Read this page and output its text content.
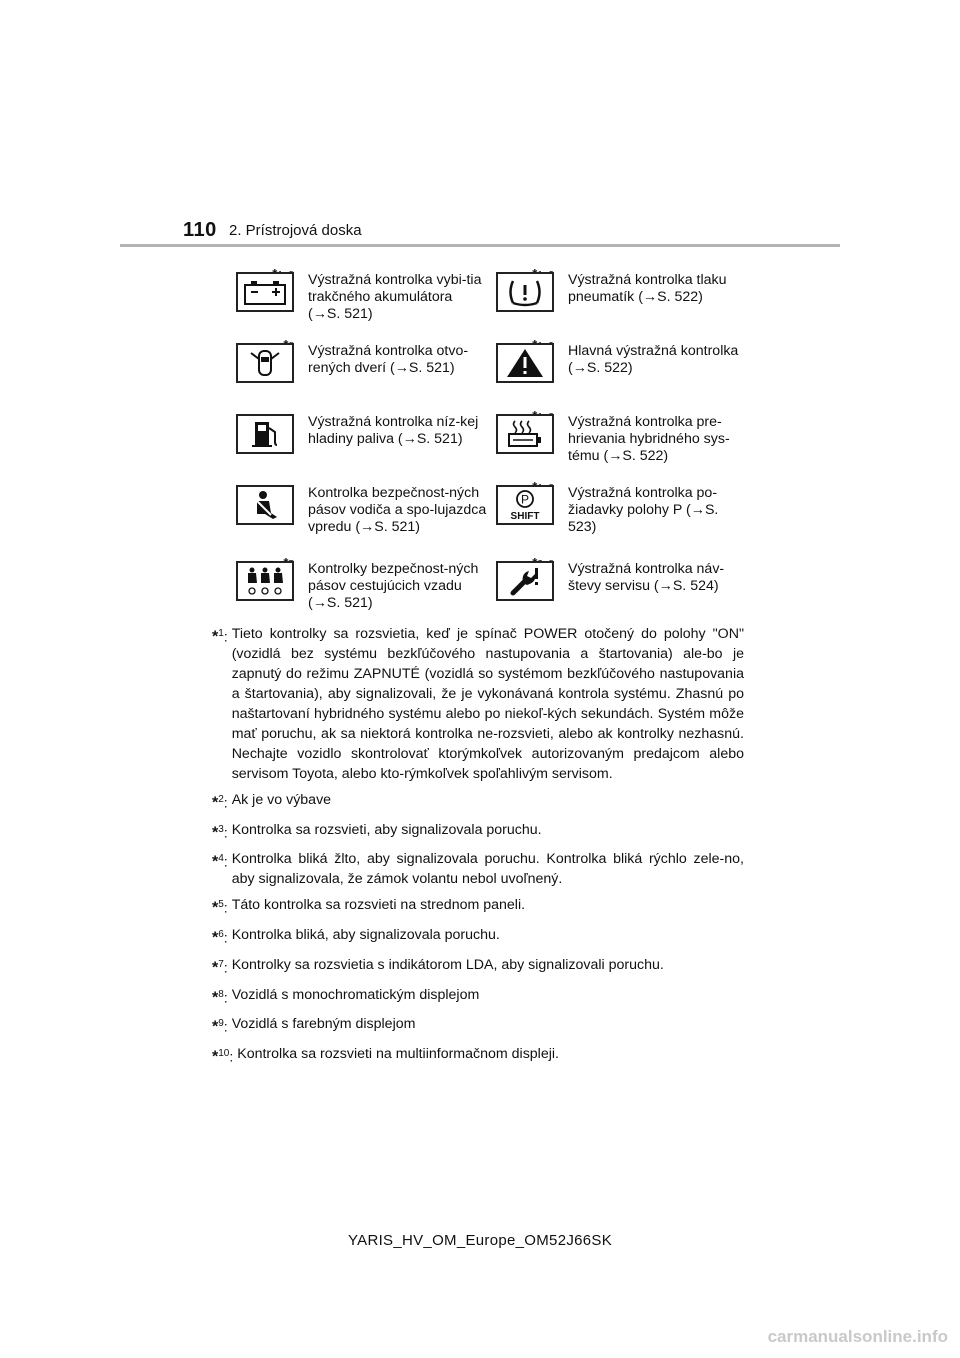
110 2. Prístrojová doska
Výstražná kontrolka vybi-tia trakčného akumulátora (→S. 521)
Výstražná kontrolka tlaku pneumatík (→S. 522)
Výstražná kontrolka otvo-rených dverí (→S. 521)
Hlavná výstražná kontrolka (→S. 522)
Výstražná kontrolka níz-kej hladiny paliva (→S. 521)
Výstražná kontrolka pre-hrievania hybridného sys-tému (→S. 522)
Kontrolka bezpečnost-ných pásov vodiča a spo-lujazdca vpredu (→S. 521)
P
SHIFT
Výstražná kontrolka po-žiadavky polohy P (→S. 523)
Kontrolky bezpečnost-ných pásov cestujúcich vzadu (→S. 521)
Výstražná kontrolka náv-števy servisu (→S. 524)
*$^1$: Tieto kontrolky sa rozsvietia, keď je spínač POWER otočený do polohy "ON" (vozidlá bez systému bezkľúčového nastupovania a štartovania) ale-bo je zapnutý do režimu ZAPNUTÉ (vozidlá so systémom bezkľúčového nastupovania a štartovania), aby signalizovali, že je vykonávaná kontrola systému. Zhasnú po naštartovaní hybridného systému alebo po niekoľ-kých sekundách. Systém môže mať poruchu, ak sa niektorá kontrolka ne-rozsvieti, alebo ak kontrolky nezhasnú. Nechajte vozidlo skontrolovať ktorýmkoľvek autorizovaným predajcom alebo servisom Toyota, alebo kto-rýmkoľvek spoľahlivým servisom.
*$^2$: Ak je vo výbave
*$^3$: Kontrolka sa rozsvieti, aby signalizovala poruchu.
*$^4$: Kontrolka bliká žlto, aby signalizovala poruchu. Kontrolka bliká rýchlo zele-no, aby signalizovala, že zámok volantu nebol uvoľnený.
*$^5$: Táto kontrolka sa rozsvieti na strednom paneli.
*$^6$: Kontrolka bliká, aby signalizovala poruchu.
*$^7$: Kontrolky sa rozsvietia s indikátorom LDA, aby signalizovali poruchu.
*$^8$: Vozidlá s monochromatickým displejom
*$^9$: Vozidlá s farebným displejom
*$^{10}$: Kontrolka sa rozsvieti na multiinformačnom displeji.
YARIS_HV_OM_Europe_OM52J66SK
carmanualsonline.info
